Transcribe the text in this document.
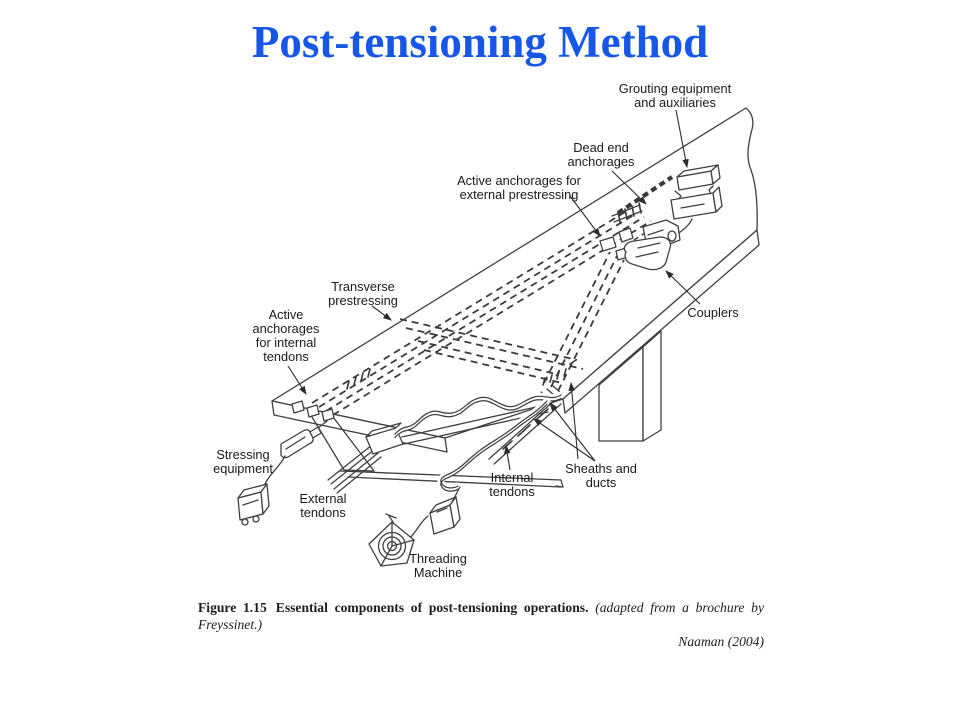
Post-tensioning Method
Grouting equipment
and auxiliaries
Dead end
anchorages
Active anchorages for
external prestressing
Transverse
prestressing
Active
anchorages
for internal
tendons
Couplers
Stressing
equipment
External
tendons
Threading
Machine
Internal
tendons
Sheaths and
ducts

Figure 1.15 Essential components of post-tensioning operations. (adapted from a brochure by Freyssinet.)

Naaman (2004)
